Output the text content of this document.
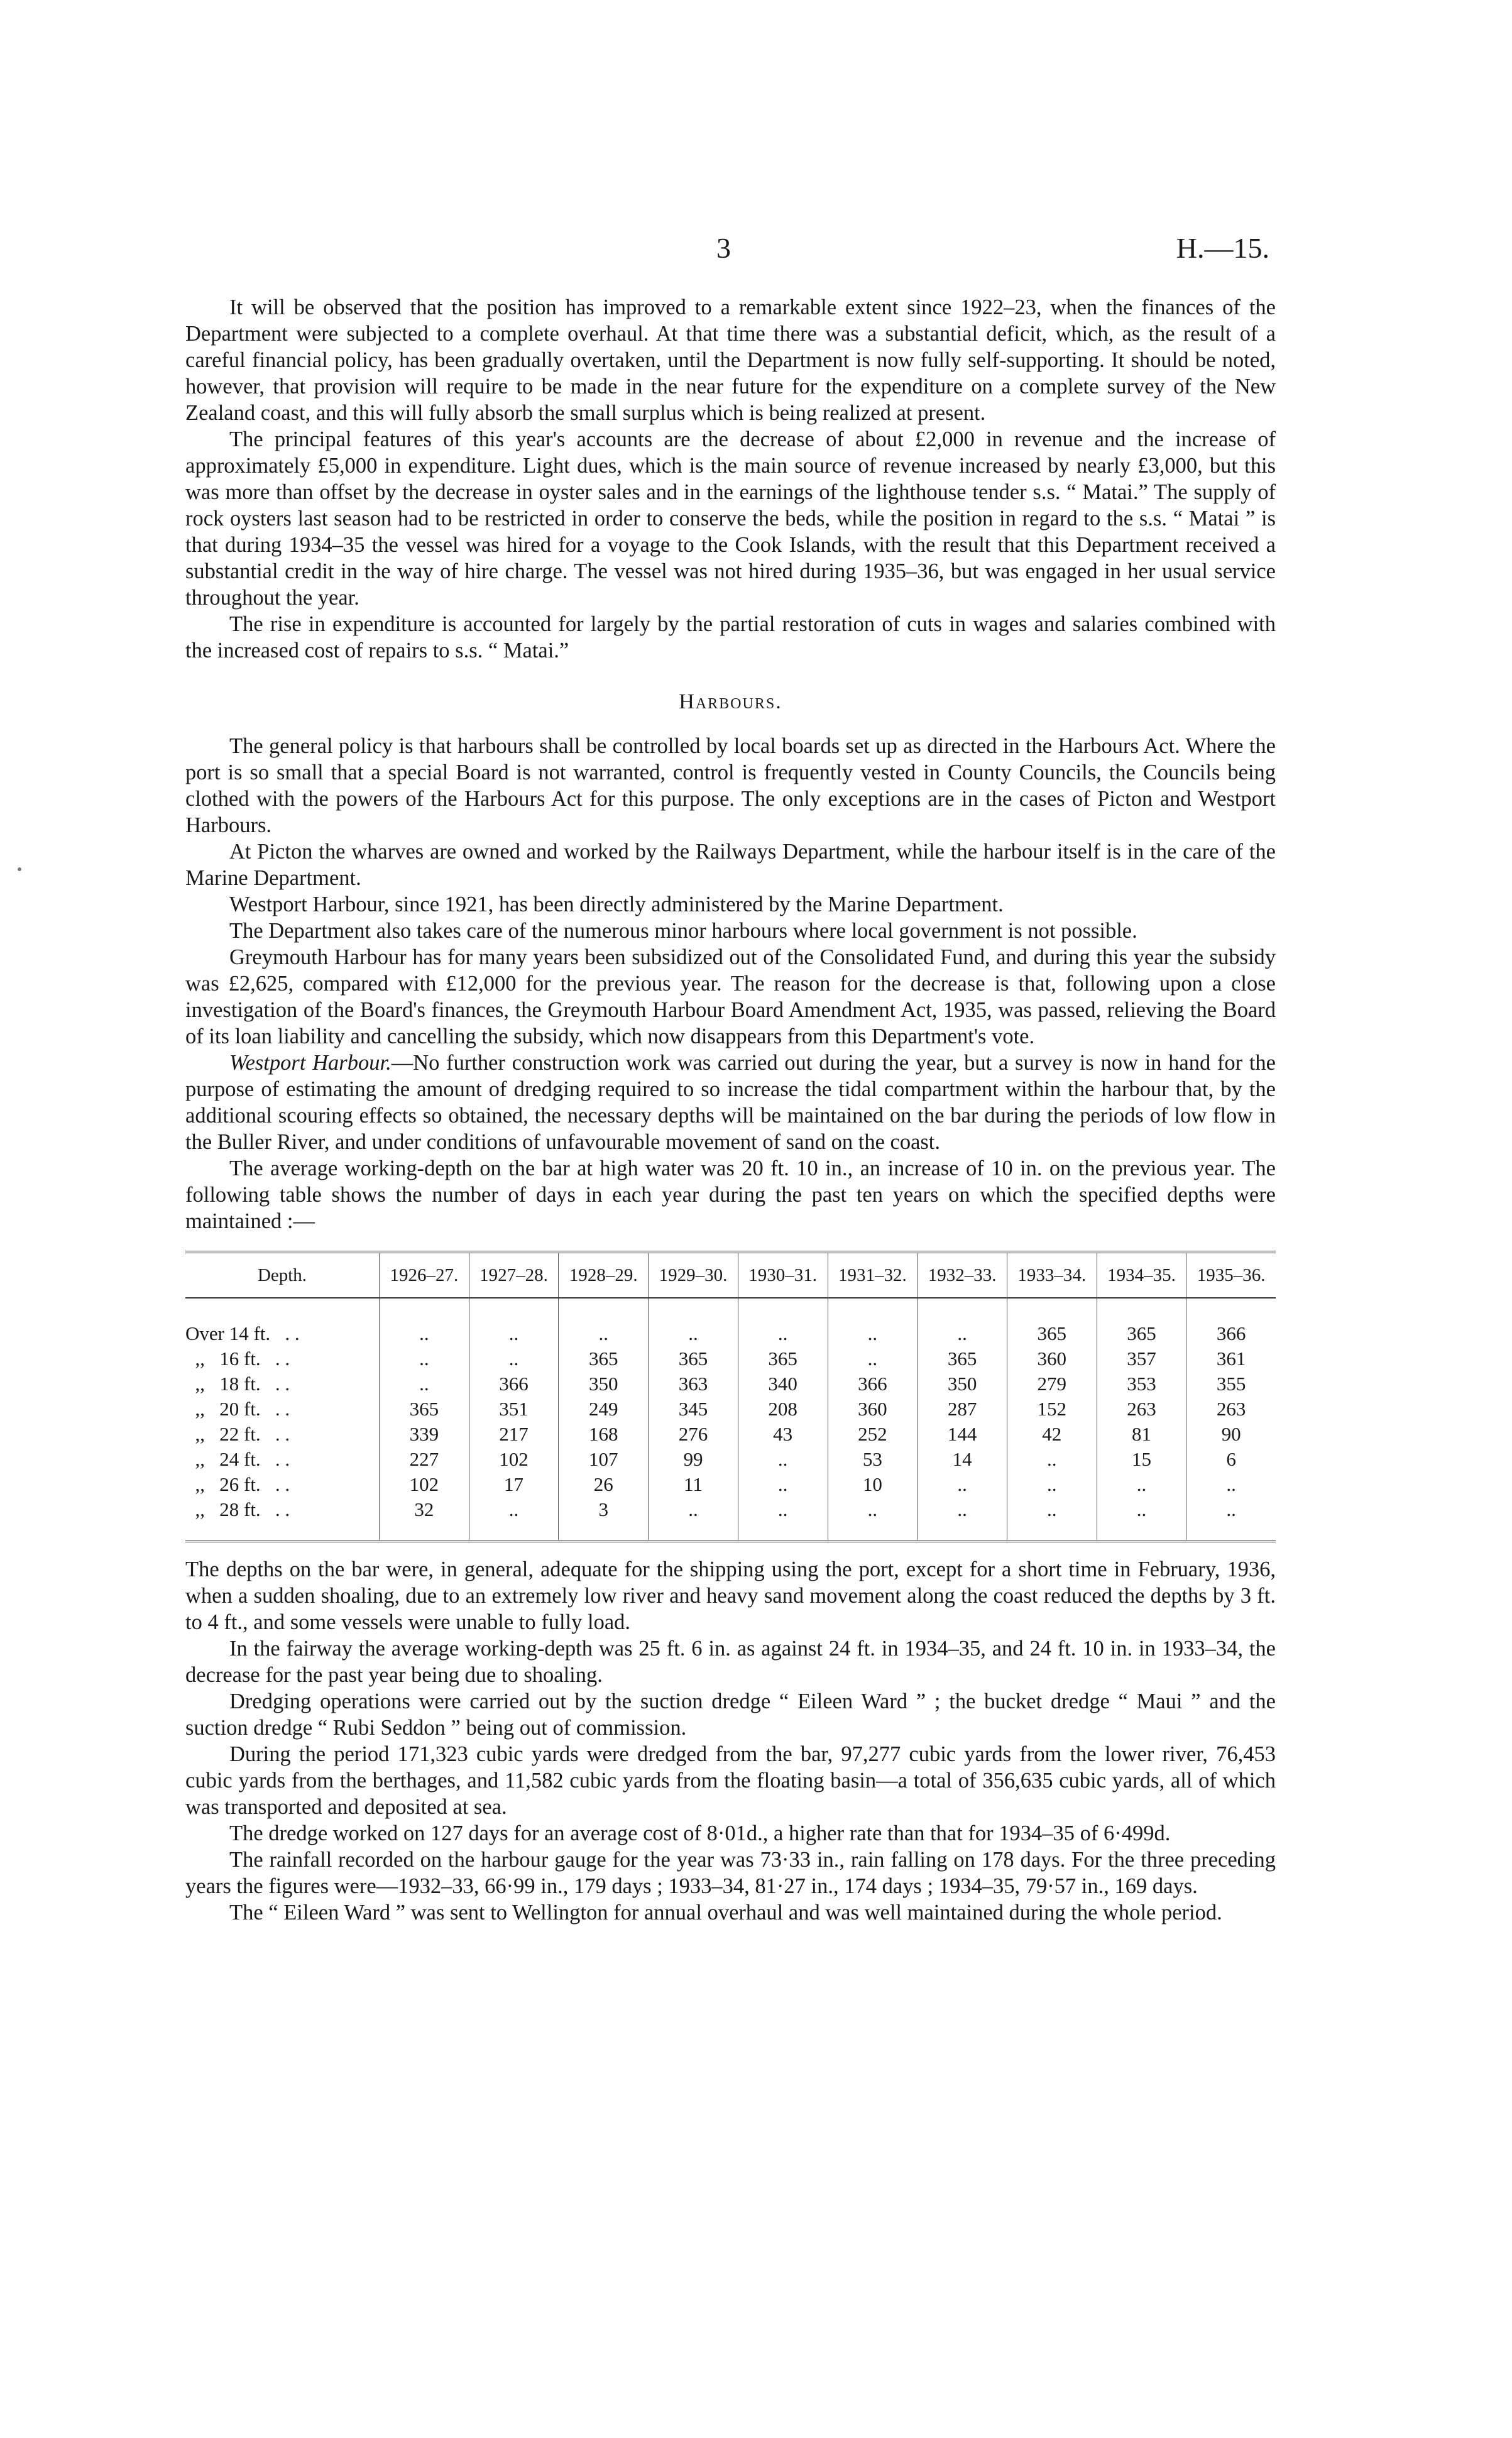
3	H.—15.

It will be observed that the position has improved to a remarkable extent since 1922–23, when the finances of the Department were subjected to a complete overhaul. At that time there was a substantial deficit, which, as the result of a careful financial policy, has been gradually overtaken, until the Department is now fully self-supporting. It should be noted, however, that provision will require to be made in the near future for the expenditure on a complete survey of the New Zealand coast, and this will fully absorb the small surplus which is being realized at present.

The principal features of this year's accounts are the decrease of about £2,000 in revenue and the increase of approximately £5,000 in expenditure. Light dues, which is the main source of revenue increased by nearly £3,000, but this was more than offset by the decrease in oyster sales and in the earnings of the lighthouse tender s.s. “ Matai.” The supply of rock oysters last season had to be restricted in order to conserve the beds, while the position in regard to the s.s. “ Matai ” is that during 1934–35 the vessel was hired for a voyage to the Cook Islands, with the result that this Department received a substantial credit in the way of hire charge. The vessel was not hired during 1935–36, but was engaged in her usual service throughout the year.

The rise in expenditure is accounted for largely by the partial restoration of cuts in wages and salaries combined with the increased cost of repairs to s.s. “ Matai.”

Harbours.

The general policy is that harbours shall be controlled by local boards set up as directed in the Harbours Act. Where the port is so small that a special Board is not warranted, control is frequently vested in County Councils, the Councils being clothed with the powers of the Harbours Act for this purpose. The only exceptions are in the cases of Picton and Westport Harbours.

At Picton the wharves are owned and worked by the Railways Department, while the harbour itself is in the care of the Marine Department.

Westport Harbour, since 1921, has been directly administered by the Marine Department.

The Department also takes care of the numerous minor harbours where local government is not possible.

Greymouth Harbour has for many years been subsidized out of the Consolidated Fund, and during this year the subsidy was £2,625, compared with £12,000 for the previous year. The reason for the decrease is that, following upon a close investigation of the Board's finances, the Greymouth Harbour Board Amendment Act, 1935, was passed, relieving the Board of its loan liability and cancelling the subsidy, which now disappears from this Department's vote.

Westport Harbour.—No further construction work was carried out during the year, but a survey is now in hand for the purpose of estimating the amount of dredging required to so increase the tidal compartment within the harbour that, by the additional scouring effects so obtained, the necessary depths will be maintained on the bar during the periods of low flow in the Buller River, and under conditions of unfavourable movement of sand on the coast.

The average working-depth on the bar at high water was 20 ft. 10 in., an increase of 10 in. on the previous year. The following table shows the number of days in each year during the past ten years on which the specified depths were maintained :—

Depth.	1926–27.	1927–28.	1928–29.	1929–30.	1930–31.	1931–32.	1932–33.	1933–34.	1934–35.	1935–36.

Over 14 ft.   . .	..	..	..	..	..	..	..	365	365	366
,,   16 ft.   . .	..	..	365	365	365	..	365	360	357	361
,,   18 ft.   . .	..	366	350	363	340	366	350	279	353	355
,,   20 ft.   . .	365	351	249	345	208	360	287	152	263	263
,,   22 ft.   . .	339	217	168	276	43	252	144	42	81	90
,,   24 ft.   . .	227	102	107	99	..	53	14	..	15	6
,,   26 ft.   . .	102	17	26	11	..	10	..	..	..	..
,,   28 ft.   . .	32	..	3	..	..	..	..	..	..	..

The depths on the bar were, in general, adequate for the shipping using the port, except for a short time in February, 1936, when a sudden shoaling, due to an extremely low river and heavy sand movement along the coast reduced the depths by 3 ft. to 4 ft., and some vessels were unable to fully load.

In the fairway the average working-depth was 25 ft. 6 in. as against 24 ft. in 1934–35, and 24 ft. 10 in. in 1933–34, the decrease for the past year being due to shoaling.

Dredging operations were carried out by the suction dredge “ Eileen Ward ” ; the bucket dredge “ Maui ” and the suction dredge “ Rubi Seddon ” being out of commission.

During the period 171,323 cubic yards were dredged from the bar, 97,277 cubic yards from the lower river, 76,453 cubic yards from the berthages, and 11,582 cubic yards from the floating basin—a total of 356,635 cubic yards, all of which was transported and deposited at sea.

The dredge worked on 127 days for an average cost of 8·01d., a higher rate than that for 1934–35 of 6·499d.

The rainfall recorded on the harbour gauge for the year was 73·33 in., rain falling on 178 days. For the three preceding years the figures were—1932–33, 66·99 in., 179 days ; 1933–34, 81·27 in., 174 days ; 1934–35, 79·57 in., 169 days.

The “ Eileen Ward ” was sent to Wellington for annual overhaul and was well maintained during the whole period.
